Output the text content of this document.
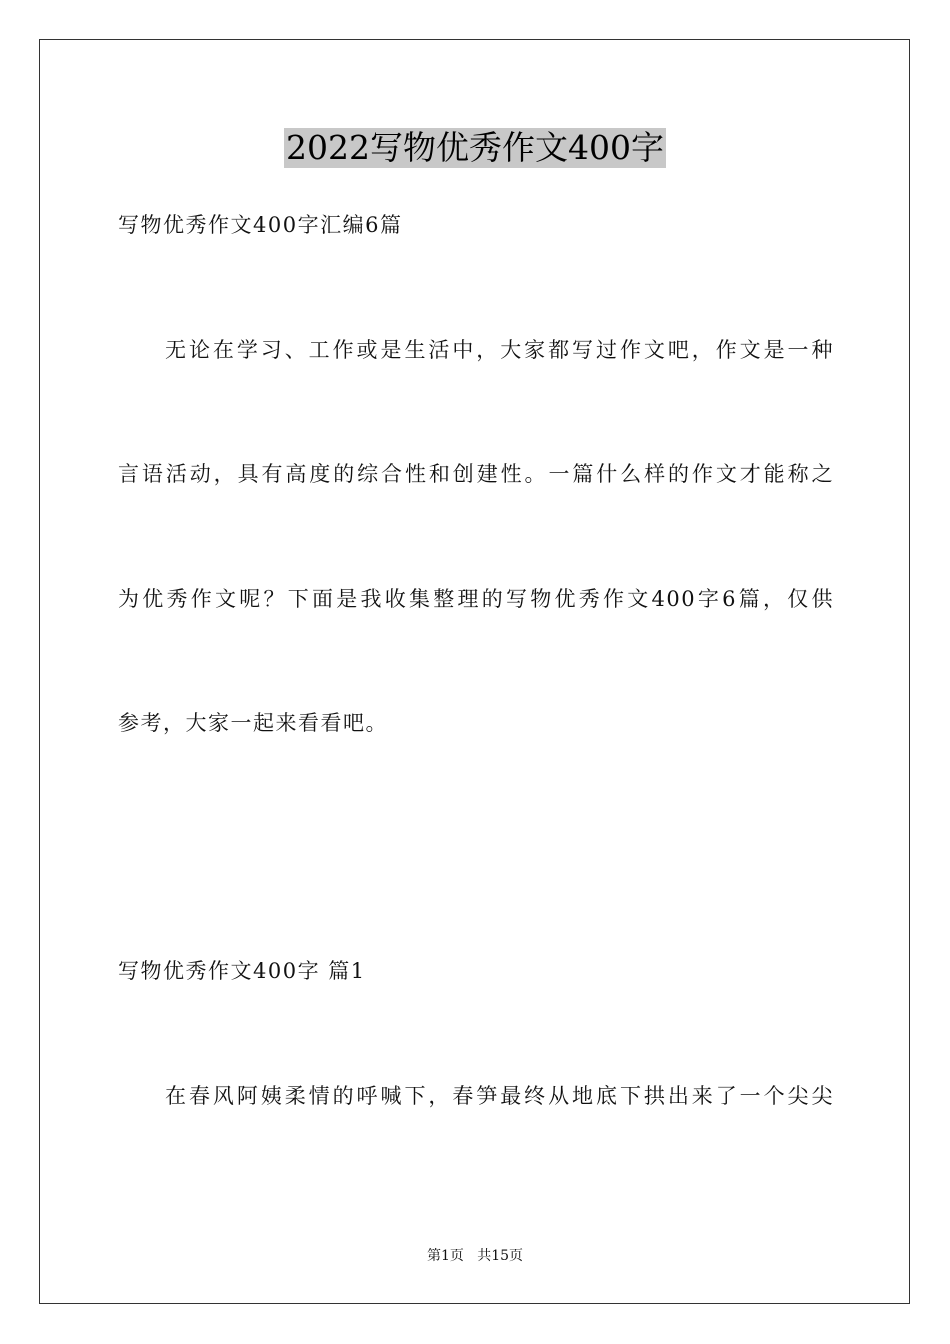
2022写物优秀作文400字
写物优秀作文400字汇编6篇
无论在学习、工作或是生活中，大家都写过作文吧，作文是一种
言语活动，具有高度的综合性和创建性。一篇什么样的作文才能称之
为优秀作文呢？下面是我收集整理的写物优秀作文400字6篇，仅供
参考，大家一起来看看吧。
写物优秀作文400字 篇1
在春风阿姨柔情的呼喊下，春笋最终从地底下拱出来了一个尖尖
第1页   共15页
